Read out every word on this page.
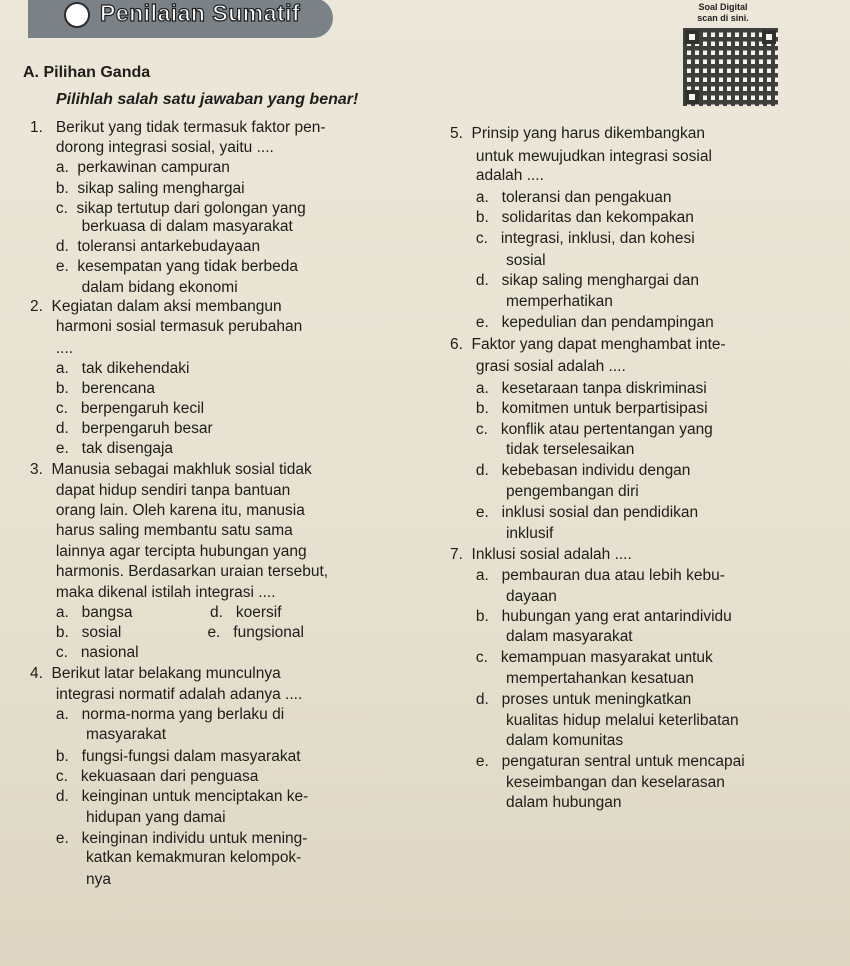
Penilaian Sumatif	Soal Digital
scan di sini.
A. Pilihan Ganda
Pilihlah salah satu jawaban yang benar!
1.   Berikut yang tidak termasuk faktor pen-
dorong integrasi sosial, yaitu ....
a.  perkawinan campuran
b.  sikap saling menghargai
c.  sikap tertutup dari golongan yang
berkuasa di dalam masyarakat
d.  toleransi antarkebudayaan
e.  kesempatan yang tidak berbeda
dalam bidang ekonomi
2.  Kegiatan dalam aksi membangun
harmoni sosial termasuk perubahan
....
a.   tak dikehendaki
b.   berencana
c.   berpengaruh kecil
d.   berpengaruh besar
e.   tak disengaja
3.  Manusia sebagai makhluk sosial tidak
dapat hidup sendiri tanpa bantuan
orang lain. Oleh karena itu, manusia
harus saling membantu satu sama
lainnya agar tercipta hubungan yang
harmonis. Berdasarkan uraian tersebut,
maka dikenal istilah integrasi ....
a.   bangsa                  d.   koersif
b.   sosial                    e.   fungsional
c.   nasional
4.  Berikut latar belakang munculnya
integrasi normatif adalah adanya ....
a.   norma-norma yang berlaku di
masyarakat
b.   fungsi-fungsi dalam masyarakat
c.   kekuasaan dari penguasa
d.   keinginan untuk menciptakan ke-
hidupan yang damai
e.   keinginan individu untuk mening-
katkan kemakmuran kelompok-
nya
5.  Prinsip yang harus dikembangkan
untuk mewujudkan integrasi sosial
adalah ....
a.   toleransi dan pengakuan
b.   solidaritas dan kekompakan
c.   integrasi, inklusi, dan kohesi
sosial
d.   sikap saling menghargai dan
memperhatikan
e.   kepedulian dan pendampingan
6.  Faktor yang dapat menghambat inte-
grasi sosial adalah ....
a.   kesetaraan tanpa diskriminasi
b.   komitmen untuk berpartisipasi
c.   konflik atau pertentangan yang
tidak terselesaikan
d.   kebebasan individu dengan
pengembangan diri
e.   inklusi sosial dan pendidikan
inklusif
7.  Inklusi sosial adalah ....
a.   pembauran dua atau lebih kebu-
dayaan
b.   hubungan yang erat antarindividu
dalam masyarakat
c.   kemampuan masyarakat untuk
mempertahankan kesatuan
d.   proses untuk meningkatkan
kualitas hidup melalui keterlibatan
dalam komunitas
e.   pengaturan sentral untuk mencapai
keseimbangan dan keselarasan
dalam hubungan
